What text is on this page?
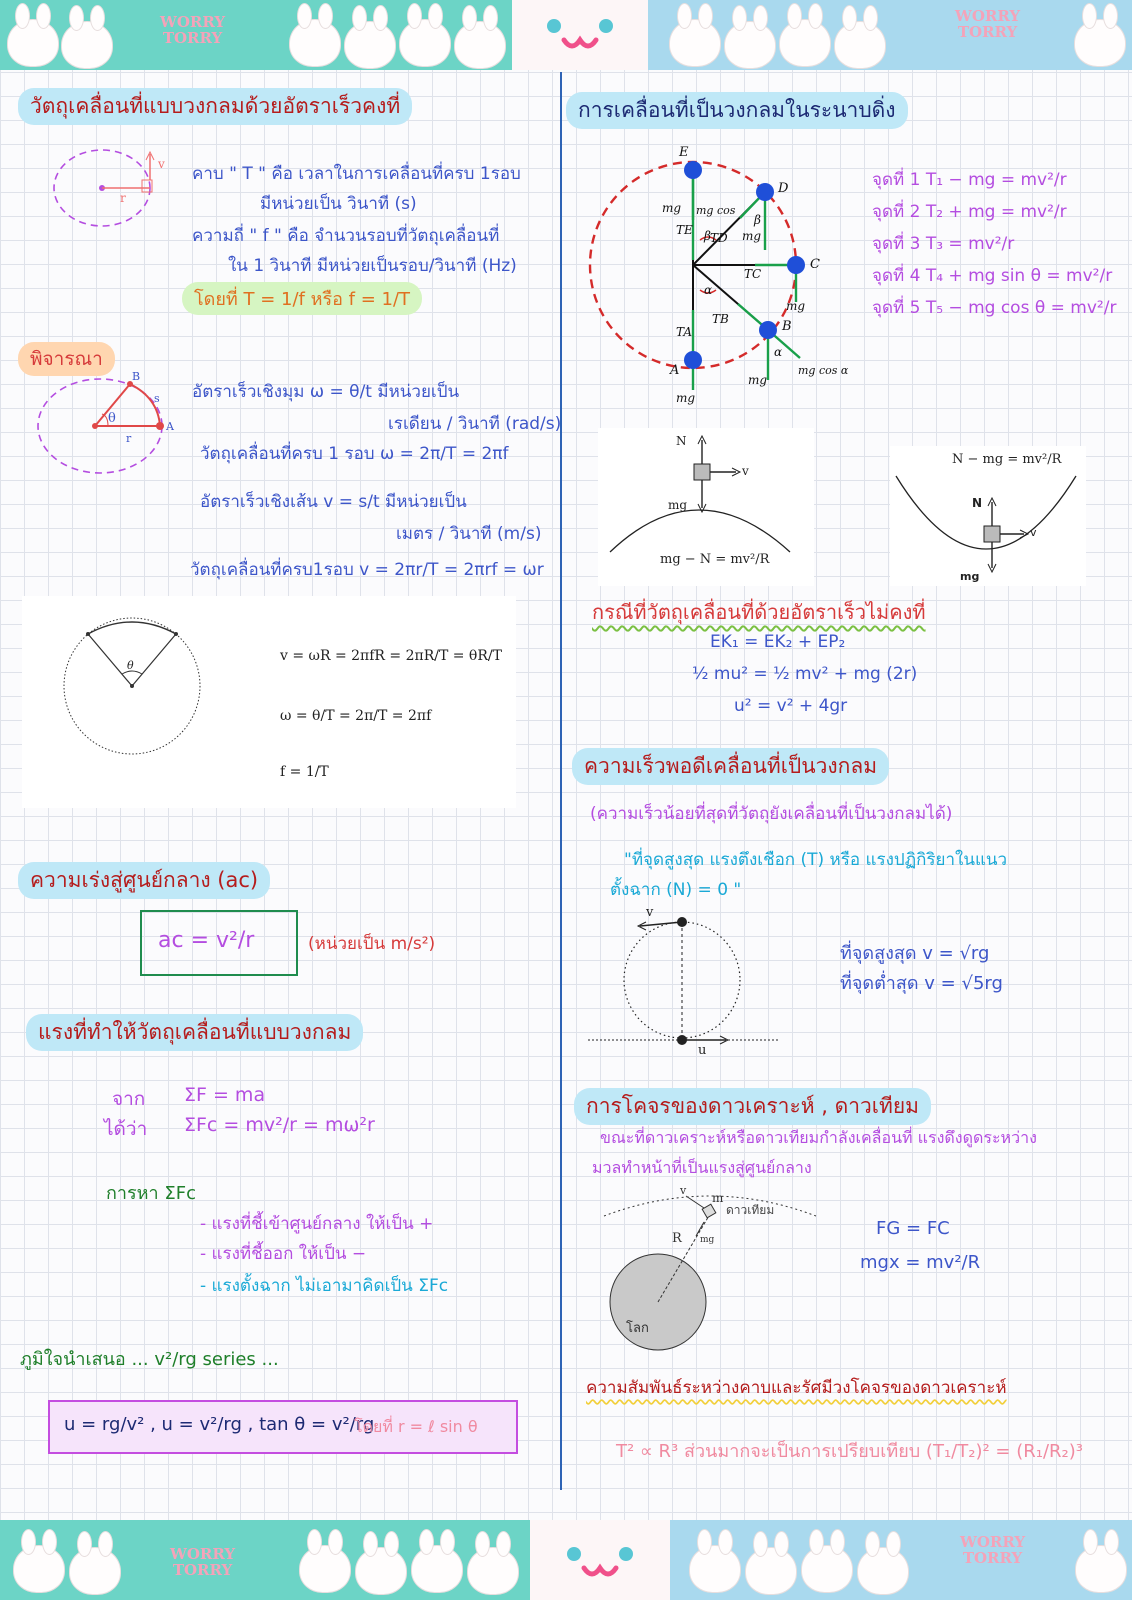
WORRY
TORRY
WORRY
TORRY
วัตถุเคลื่อนที่แบบวงกลมด้วยอัตราเร็วคงที่
v
r
คาบ " T " คือ เวลาในการเคลื่อนที่ครบ 1รอบ
มีหน่วยเป็น วินาที (s)
ความถี่ " f " คือ จำนวนรอบที่วัตถุเคลื่อนที่
ใน 1 วินาที มีหน่วยเป็นรอบ/วินาที (Hz)
โดยที่ T = 1/f หรือ f = 1/T
พิจารณา
θ
B
A
s
r
อัตราเร็วเชิงมุม ω = θ/t มีหน่วยเป็น
เรเดียน / วินาที (rad/s)
วัตถุเคลื่อนที่ครบ 1 รอบ ω = 2π/T = 2πf
อัตราเร็วเชิงเส้น v = s/t มีหน่วยเป็น
เมตร / วินาที (m/s)
วัตถุเคลื่อนที่ครบ1รอบ v = 2πr/T = 2πrf = ωr
θ
v = ωR = 2πfR = 2πR/T = θR/T
ω = θ/T = 2π/T = 2πf
f = 1/T
ความเร่งสู่ศูนย์กลาง (ac)
ac = v²/r	(หน่วยเป็น m/s²)
แรงที่ทำให้วัตถุเคลื่อนที่แบบวงกลม
จาก ΣF = ma
ได้ว่า ΣFc = mv²/r = mω²r
การหา ΣFc
- แรงที่ชี้เข้าศูนย์กลาง ให้เป็น +
- แรงที่ชี้ออก ให้เป็น −
- แรงตั้งฉาก ไม่เอามาคิดเป็น ΣFc
ภูมิใจนำเสนอ ... v²/rg series ...
u = rg/v² , u = v²/rg , tan θ = v²/rg
โดยที่ r = ℓ sin θ
การเคลื่อนที่เป็นวงกลมในระนาบดิ่ง
E
D
C
B
A
mg mg cos
mg
mg
mg
mg
mg cos α
TE
TD
TC
TB
TA
β
β
α
α
จุดที่ 1 T₁ − mg = mv²/r
จุดที่ 2 T₂ + mg = mv²/r
จุดที่ 3 T₃ = mv²/r
จุดที่ 4 T₄ + mg sin θ = mv²/r
จุดที่ 5 T₅ − mg cos θ = mv²/r
N
v
mg
mg − N = mv²/R
N − mg = mv²/R
N
v
mg
กรณีที่วัตถุเคลื่อนที่ด้วยอัตราเร็วไม่คงที่
EK₁ = EK₂ + EP₂
½ mu² = ½ mv² + mg (2r)
u² = v² + 4gr
ความเร็วพอดีเคลื่อนที่เป็นวงกลม
(ความเร็วน้อยที่สุดที่วัตถุยังเคลื่อนที่เป็นวงกลมได้)
"ที่จุดสูงสุด แรงตึงเชือก (T) หรือ แรงปฏิกิริยาในแนว
ตั้งฉาก (N) = 0 "
v
u
ที่จุดสูงสุด v = √rg
ที่จุดต่ำสุด v = √5rg
การโคจรของดาวเคราะห์ , ดาวเทียม
ขณะที่ดาวเคราะห์หรือดาวเทียมกำลังเคลื่อนที่ แรงดึงดูดระหว่าง
มวลทำหน้าที่เป็นแรงสู่ศูนย์กลาง
โลก
ดาวเทียม
m
R
v
mg
FG = FC
mgx = mv²/R
ความสัมพันธ์ระหว่างคาบและรัศมีวงโคจรของดาวเคราะห์
T² ∝ R³ ส่วนมากจะเป็นการเปรียบเทียบ (T₁/T₂)² = (R₁/R₂)³
WORRY
TORRY
WORRY
TORRY
